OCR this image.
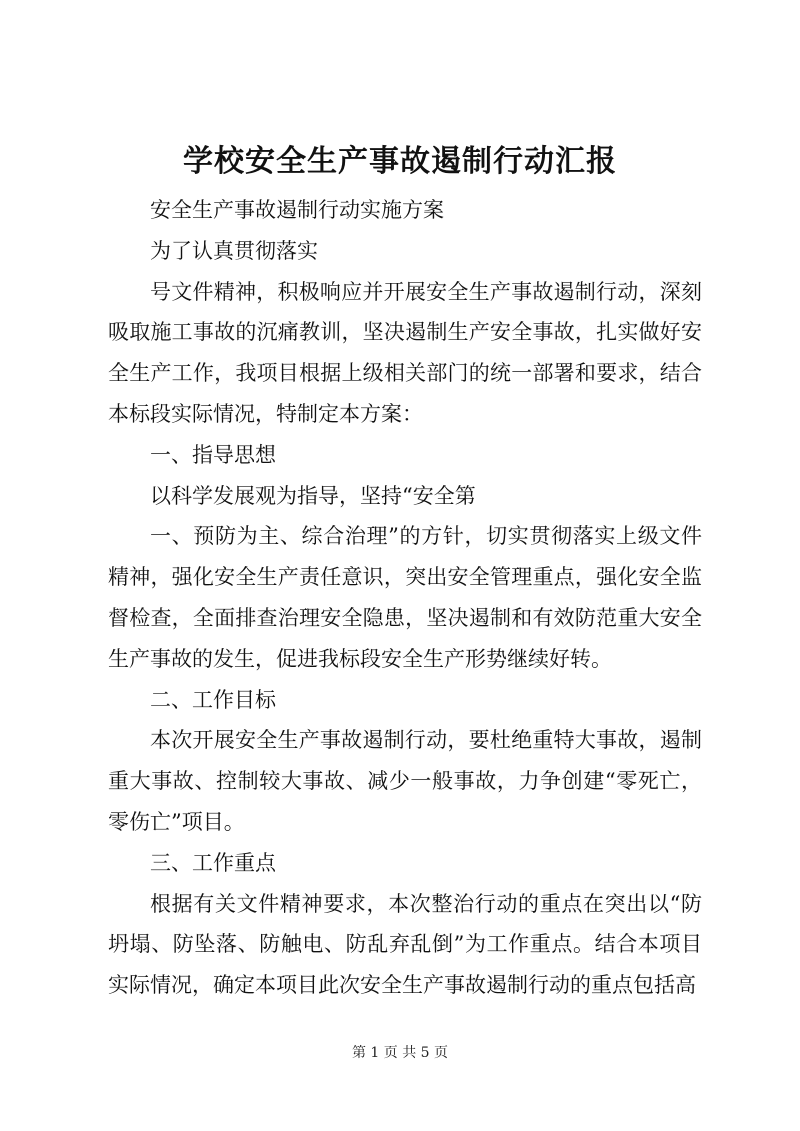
学校安全生产事故遏制行动汇报

安全生产事故遏制行动实施方案

为了认真贯彻落实

号文件精神，积极响应并开展安全生产事故遏制行动，深刻吸取施工事故的沉痛教训，坚决遏制生产安全事故，扎实做好安全生产工作，我项目根据上级相关部门的统一部署和要求，结合本标段实际情况，特制定本方案：

一、指导思想

以科学发展观为指导，坚持“安全第

一、预防为主、综合治理”的方针，切实贯彻落实上级文件精神，强化安全生产责任意识，突出安全管理重点，强化安全监督检查，全面排查治理安全隐患，坚决遏制和有效防范重大安全生产事故的发生，促进我标段安全生产形势继续好转。

二、工作目标

本次开展安全生产事故遏制行动，要杜绝重特大事故，遏制重大事故、控制较大事故、减少一般事故，力争创建“零死亡，零伤亡”项目。

三、工作重点

根据有关文件精神要求，本次整治行动的重点在突出以“防坍塌、防坠落、防触电、防乱弃乱倒”为工作重点。结合本项目实际情况，确定本项目此次安全生产事故遏制行动的重点包括高

第 1 页 共 5 页
